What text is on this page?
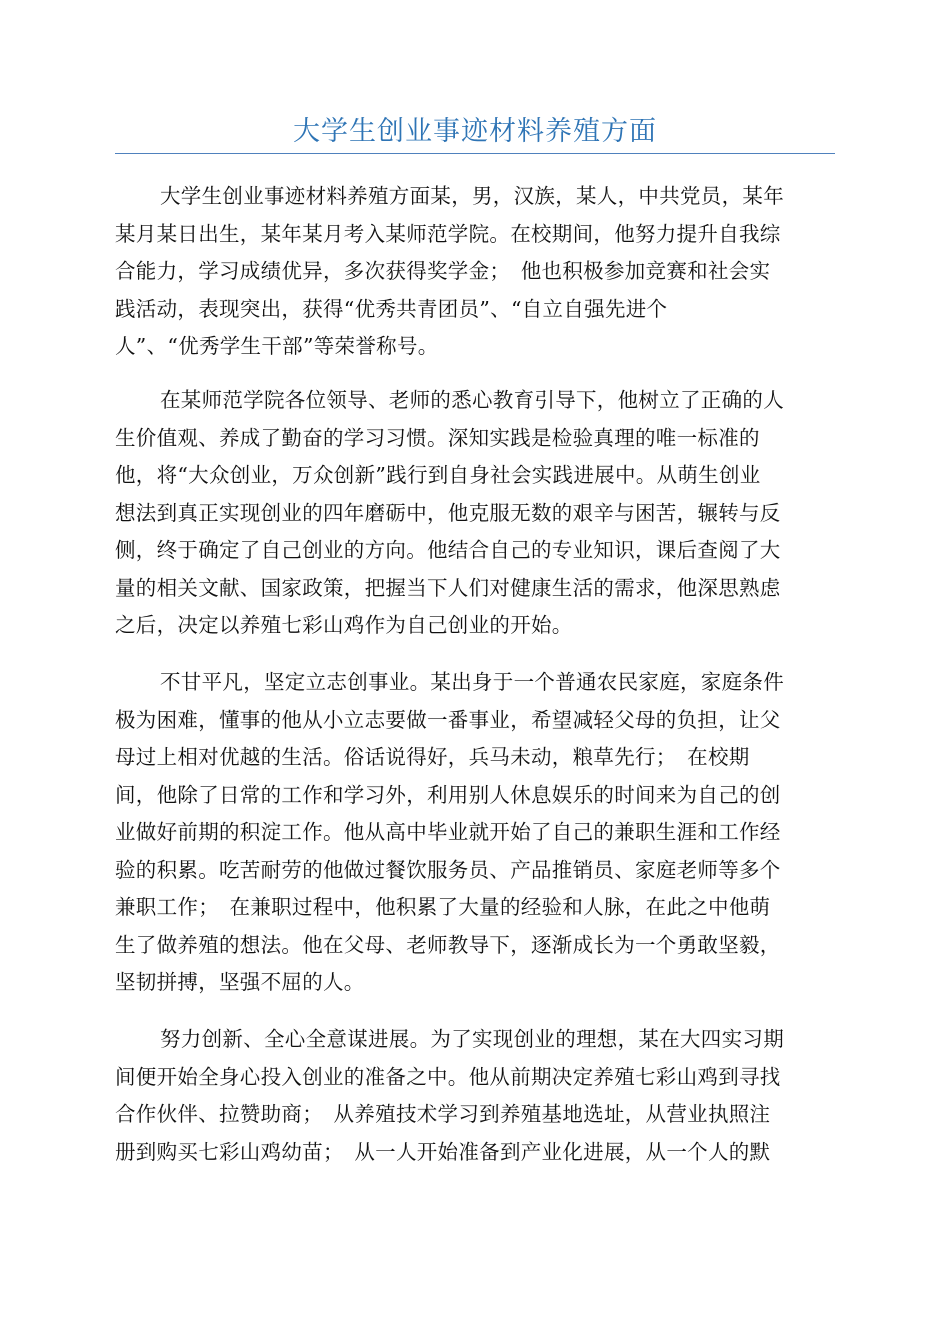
大学生创业事迹材料养殖方面
大学生创业事迹材料养殖方面某，男，汉族，某人，中共党员，某年
某月某日出生，某年某月考入某师范学院。在校期间，他努力提升自我综
合能力，学习成绩优异，多次获得奖学金；　他也积极参加竞赛和社会实
践活动，表现突出，获得“优秀共青团员”、“自立自强先进个
人”、“优秀学生干部”等荣誉称号。
在某师范学院各位领导、老师的悉心教育引导下，他树立了正确的人
生价值观、养成了勤奋的学习习惯。深知实践是检验真理的唯一标准的
他，将“大众创业，万众创新”践行到自身社会实践进展中。从萌生创业
想法到真正实现创业的四年磨砺中，他克服无数的艰辛与困苦，辗转与反
侧，终于确定了自己创业的方向。他结合自己的专业知识，课后查阅了大
量的相关文献、国家政策，把握当下人们对健康生活的需求，他深思熟虑
之后，决定以养殖七彩山鸡作为自己创业的开始。
不甘平凡，坚定立志创事业。某出身于一个普通农民家庭，家庭条件
极为困难，懂事的他从小立志要做一番事业，希望减轻父母的负担，让父
母过上相对优越的生活。俗话说得好，兵马未动，粮草先行；　在校期
间，他除了日常的工作和学习外，利用别人休息娱乐的时间来为自己的创
业做好前期的积淀工作。他从高中毕业就开始了自己的兼职生涯和工作经
验的积累。吃苦耐劳的他做过餐饮服务员、产品推销员、家庭老师等多个
兼职工作；　在兼职过程中，他积累了大量的经验和人脉，在此之中他萌
生了做养殖的想法。他在父母、老师教导下，逐渐成长为一个勇敢坚毅，
坚韧拼搏，坚强不屈的人。
努力创新、全心全意谋进展。为了实现创业的理想，某在大四实习期
间便开始全身心投入创业的准备之中。他从前期决定养殖七彩山鸡到寻找
合作伙伴、拉赞助商；　从养殖技术学习到养殖基地选址，从营业执照注
册到购买七彩山鸡幼苗；　从一人开始准备到产业化进展，从一个人的默
